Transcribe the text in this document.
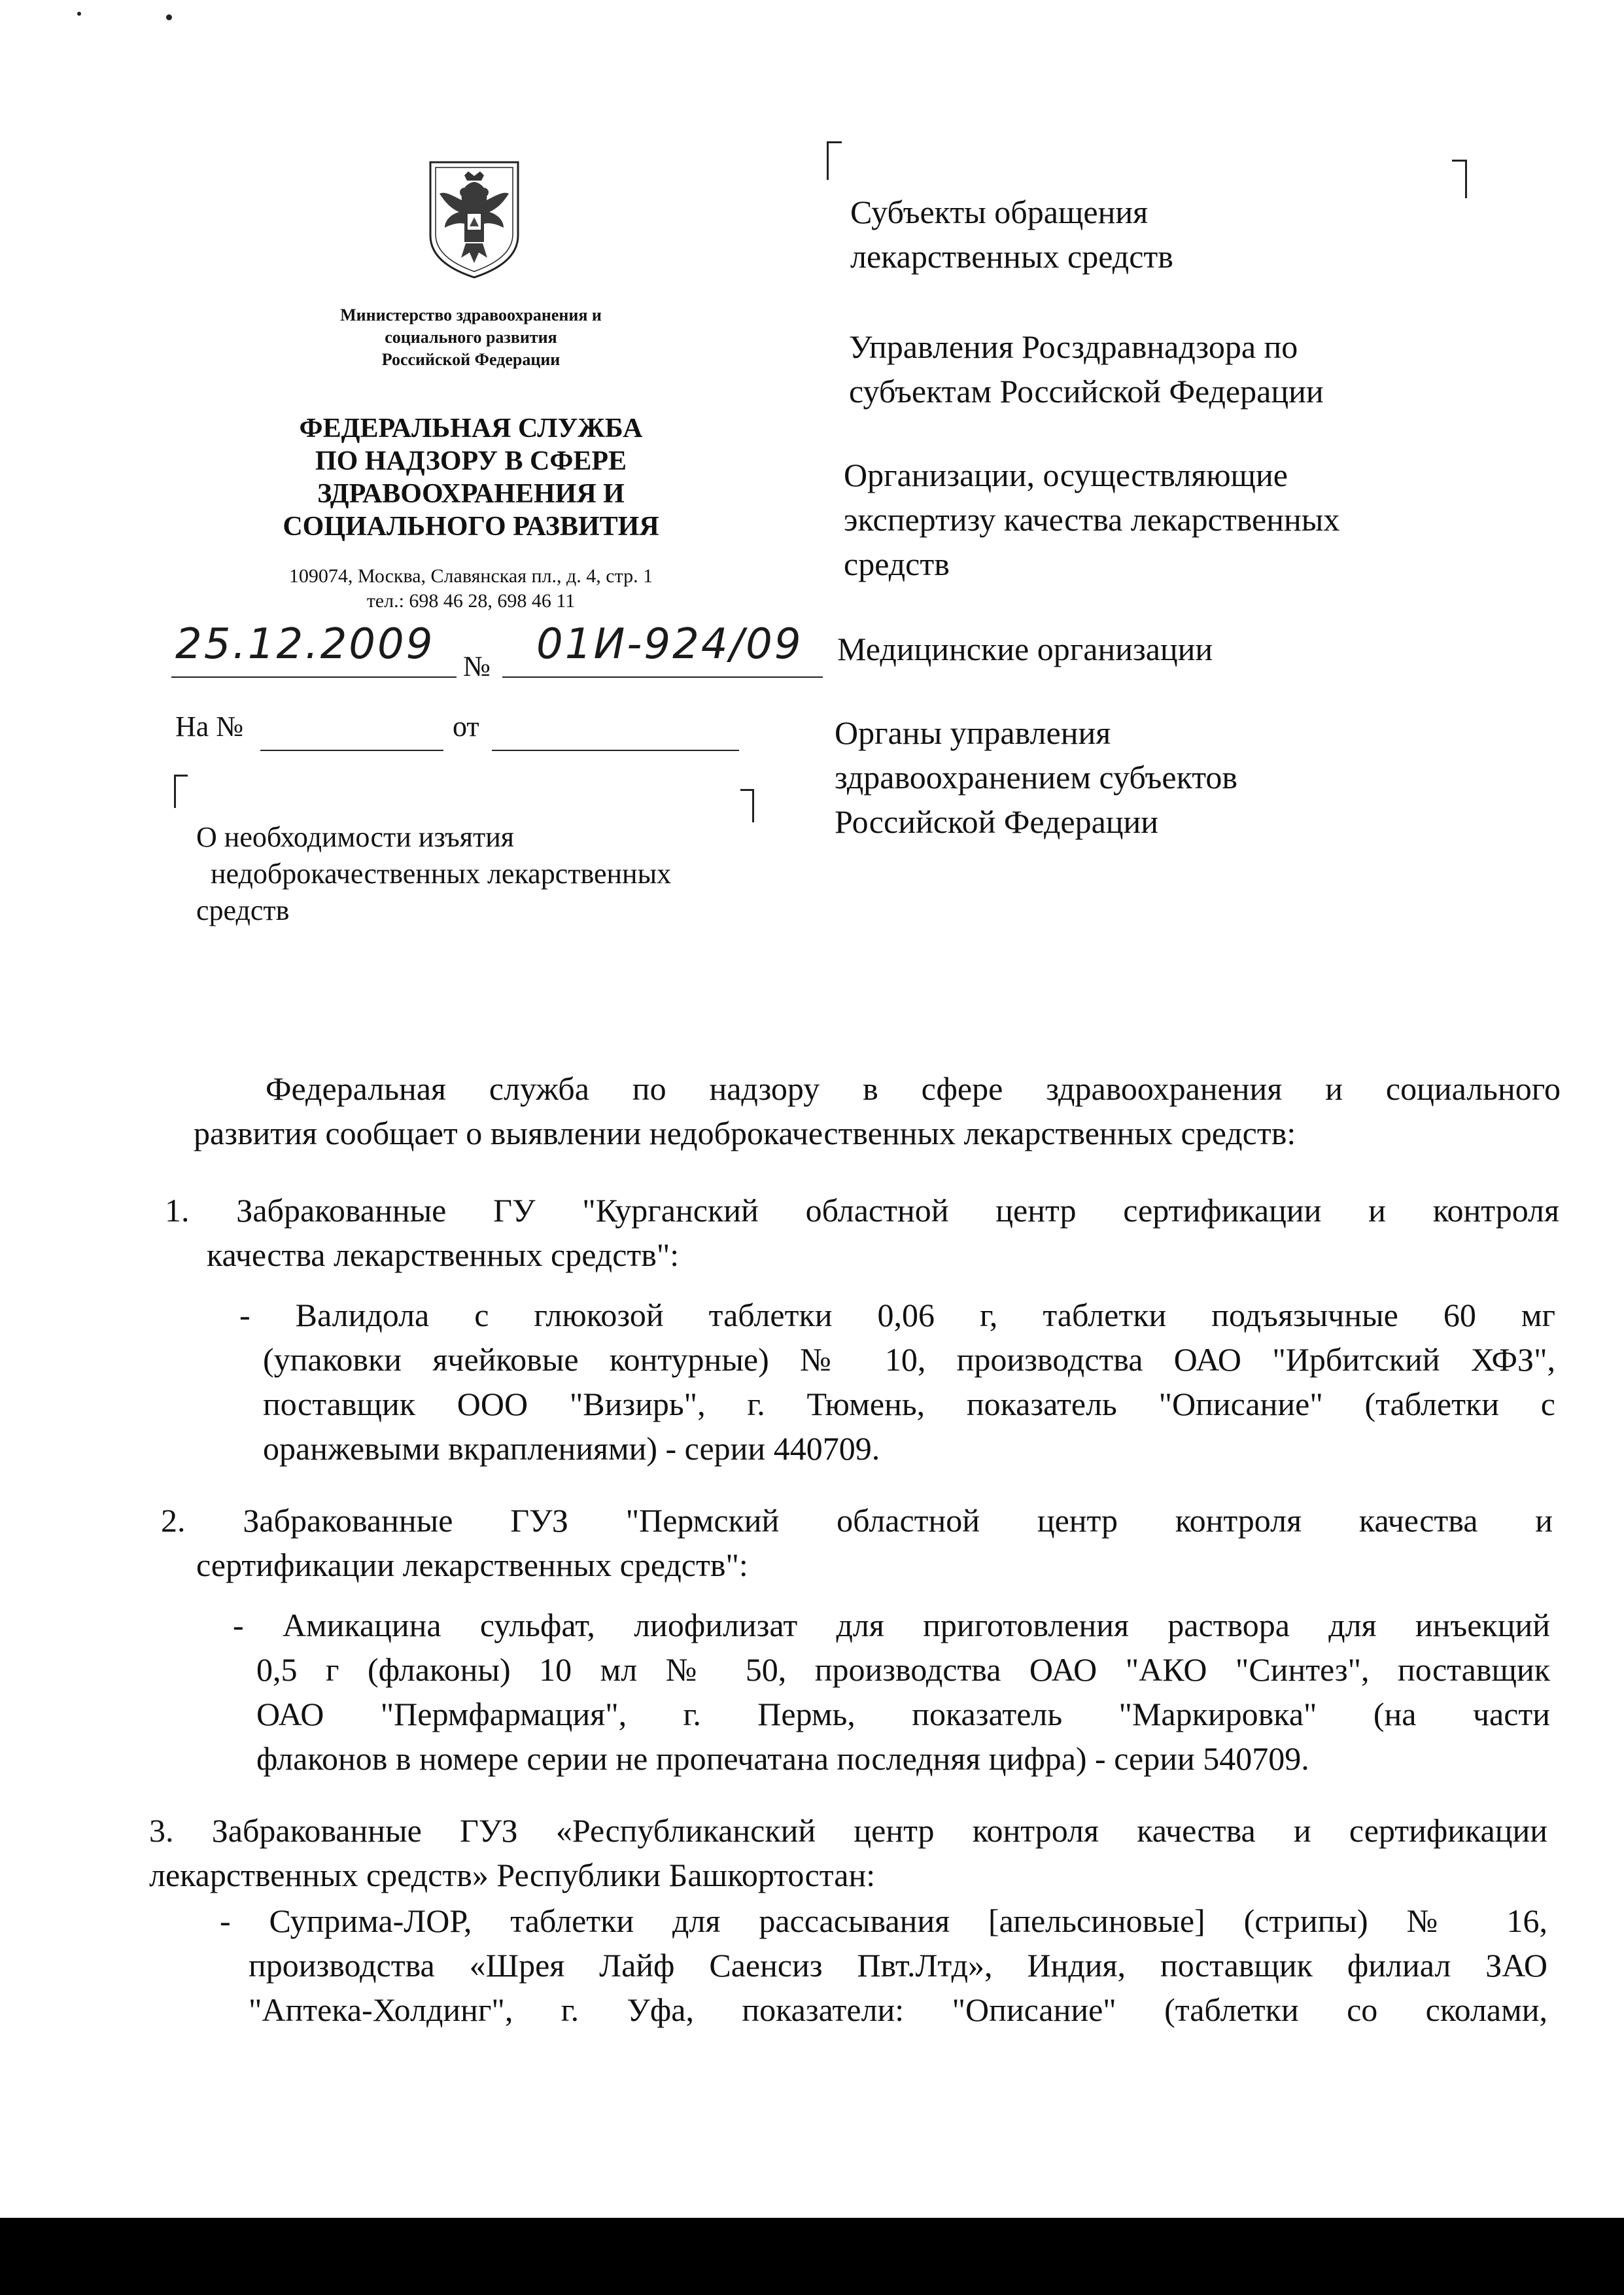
Министерство здравоохранения и
социального развития
Российской Федерации
ФЕДЕРАЛЬНАЯ СЛУЖБА
ПО НАДЗОРУ В СФЕРЕ
ЗДРАВООХРАНЕНИЯ И
СОЦИАЛЬНОГО РАЗВИТИЯ
109074, Москва, Славянская пл., д. 4, стр. 1
тел.: 698 46 28, 698 46 11
25.12.2009 № 01И-924/09
На №	от
О необходимости изъятия
недоброкачественных лекарственных
средств
Субъекты обращения
лекарственных средств
Управления Росздравнадзора по
субъектам Российской Федерации
Организации, осуществляющие
экспертизу качества лекарственных
средств
Медицинские организации
Органы управления
здравоохранением субъектов
Российской Федерации
Федеральная служба по надзору в сфере здравоохранения и социального
развития сообщает о выявлении недоброкачественных лекарственных средств:
1. Забракованные ГУ "Курганский областной центр сертификации и контроля
качества лекарственных средств":
- Валидола с глюкозой таблетки 0,06 г, таблетки подъязычные 60 мг
(упаковки ячейковые контурные) № 10, производства ОАО "Ирбитский ХФЗ",
поставщик ООО "Визирь", г. Тюмень, показатель "Описание" (таблетки с
оранжевыми вкраплениями) - серии 440709.
2. Забракованные ГУЗ "Пермский областной центр контроля качества и
сертификации лекарственных средств":
- Амикацина сульфат, лиофилизат для приготовления раствора для инъекций
0,5 г (флаконы) 10 мл № 50, производства ОАО "АКО "Синтез", поставщик
ОАО "Пермфармация", г. Пермь, показатель "Маркировка" (на части
флаконов в номере серии не пропечатана последняя цифра) - серии 540709.
3. Забракованные ГУЗ «Республиканский центр контроля качества и сертификации
лекарственных средств» Республики Башкортостан:
- Суприма-ЛОР, таблетки для рассасывания [апельсиновые] (стрипы) № 16,
производства «Шрея Лайф Саенсиз Пвт.Лтд», Индия, поставщик филиал ЗАО
"Аптека-Холдинг", г. Уфа, показатели: "Описание" (таблетки со сколами,
